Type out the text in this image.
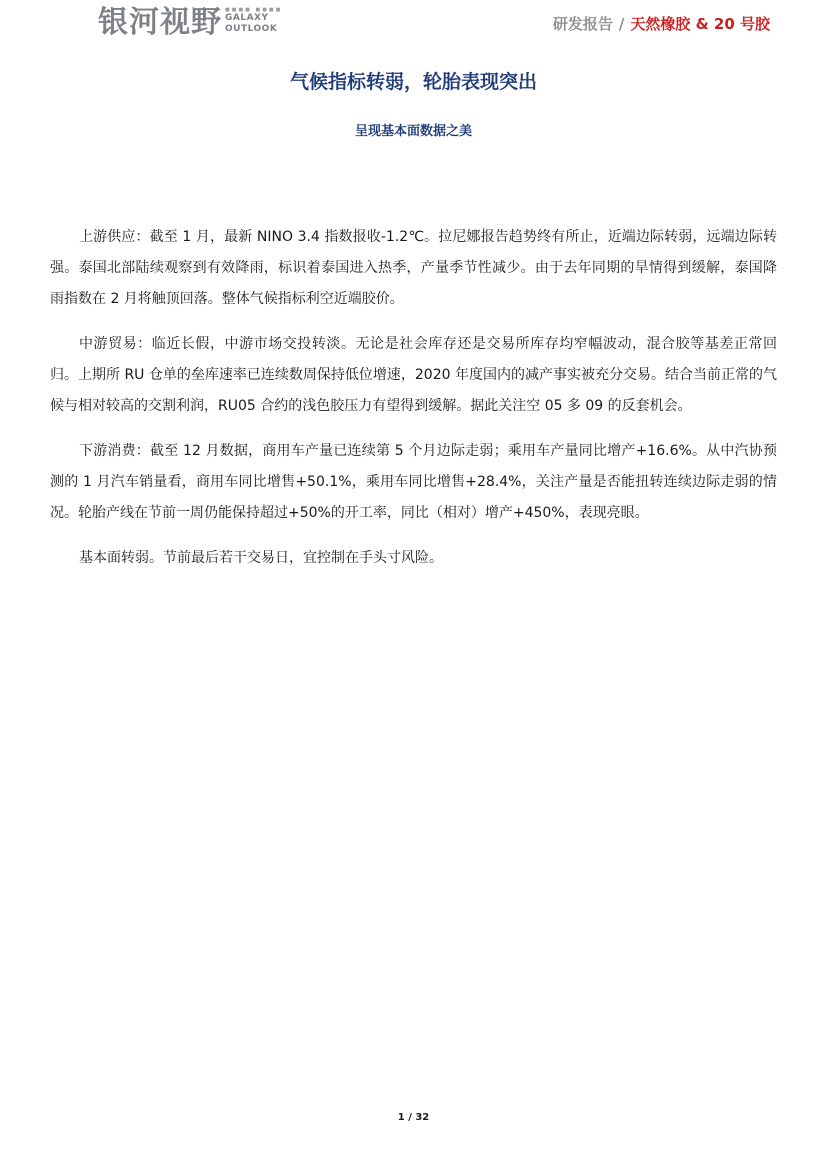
银河视野 ■■■■ ■■■■
GALAXY
OUTLOOK	研发报告 / 天然橡胶 & 20 号胶
气候指标转弱，轮胎表现突出
呈现基本面数据之美

上游供应：截至 1 月，最新 NINO 3.4 指数报收-1.2℃。拉尼娜报告趋势终有所止，近端边际转弱，远端边际转强。泰国北部陆续观察到有效降雨，标识着泰国进入热季，产量季节性减少。由于去年同期的旱情得到缓解，泰国降雨指数在 2 月将触顶回落。整体气候指标利空近端胶价。

中游贸易：临近长假，中游市场交投转淡。无论是社会库存还是交易所库存均窄幅波动，混合胶等基差正常回归。上期所 RU 仓单的垒库速率已连续数周保持低位增速，2020 年度国内的减产事实被充分交易。结合当前正常的气候与相对较高的交割利润，RU05 合约的浅色胶压力有望得到缓解。据此关注空 05 多 09 的反套机会。

下游消费：截至 12 月数据，商用车产量已连续第 5 个月边际走弱；乘用车产量同比增产+16.6%。从中汽协预测的 1 月汽车销量看，商用车同比增售+50.1%，乘用车同比增售+28.4%，关注产量是否能扭转连续边际走弱的情况。轮胎产线在节前一周仍能保持超过+50%的开工率，同比（相对）增产+450%，表现亮眼。

基本面转弱。节前最后若干交易日，宜控制在手头寸风险。

1 / 32
